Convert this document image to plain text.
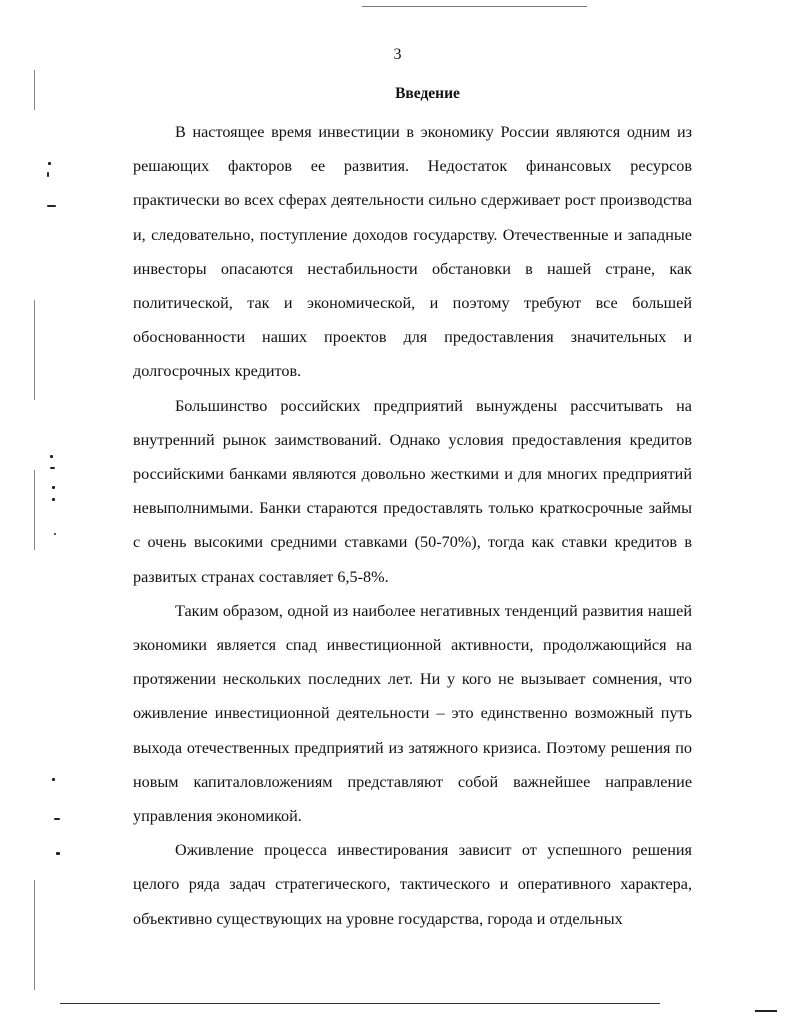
3
Введение

В настоящее время инвестиции в экономику России являются одним из решающих факторов ее развития. Недостаток финансовых ресурсов практически во всех сферах деятельности сильно сдерживает рост производства и, следовательно, поступление доходов государству. Отечественные и западные инвесторы опасаются нестабильности обстановки в нашей стране, как политической, так и экономической, и поэтому требуют все большей обоснованности наших проектов для предоставления значительных и долгосрочных кредитов.

Большинство российских предприятий вынуждены рассчитывать на внутренний рынок заимствований. Однако условия предоставления кредитов российскими банками являются довольно жесткими и для многих предприятий невыполнимыми. Банки стараются предоставлять только краткосрочные займы с очень высокими средними ставками (50-70%), тогда как ставки кредитов в развитых странах составляет 6,5-8%.

Таким образом, одной из наиболее негативных тенденций развития нашей экономики является спад инвестиционной активности, продолжающийся на протяжении нескольких последних лет. Ни у кого не вызывает сомнения, что оживление инвестиционной деятельности – это единственно возможный путь выхода отечественных предприятий из затяжного кризиса. Поэтому решения по новым капиталовложениям представляют собой важнейшее направление управления экономикой.

Оживление процесса инвестирования зависит от успешного решения целого ряда задач стратегического, тактического и оперативного характера, объективно существующих на уровне государства, города и отдельных
